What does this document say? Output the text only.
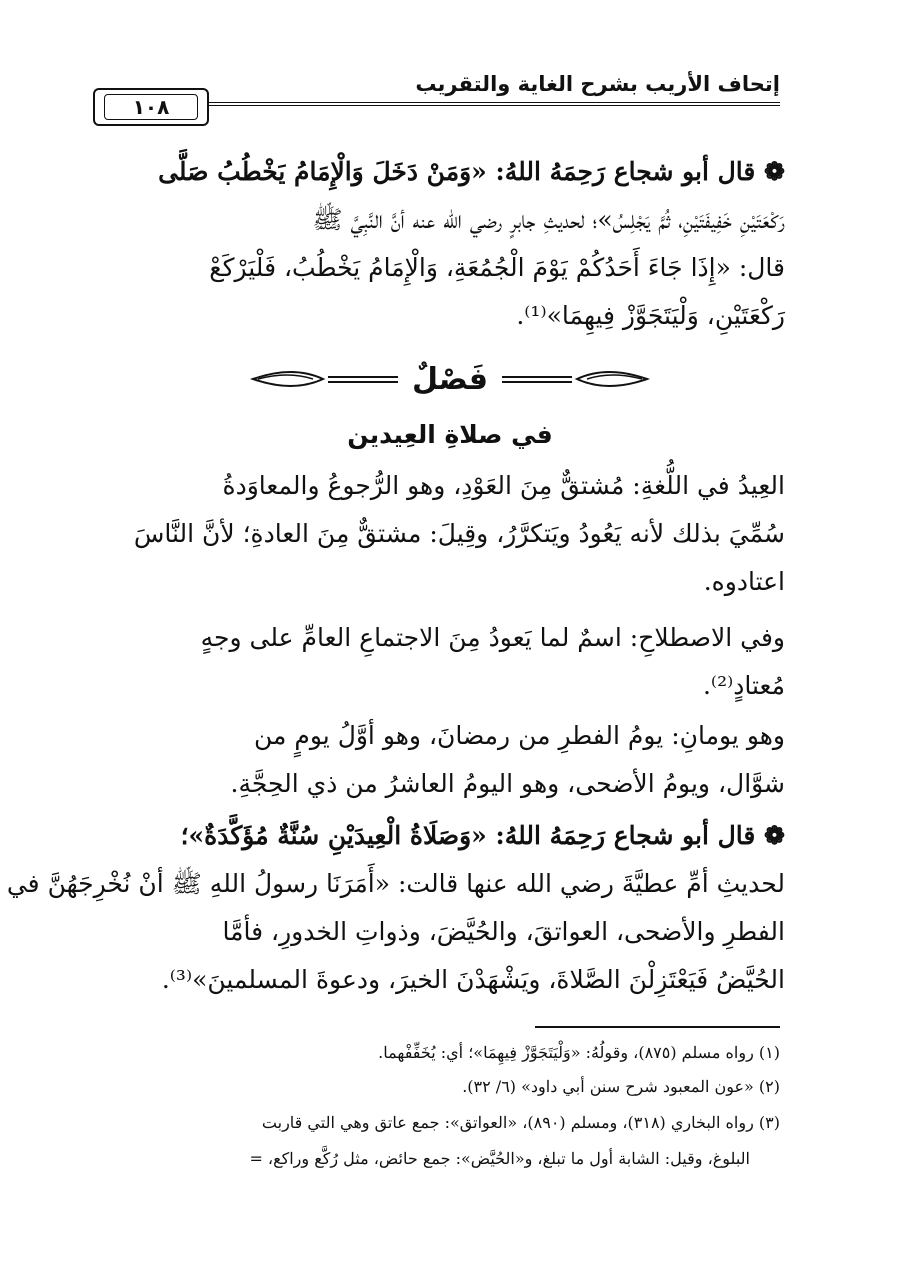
إتحاف الأريب بشرح الغاية والتقريب
١٠٨
❁ قال أبو شجاع رَحِمَهُ اللهُ: «وَمَنْ دَخَلَ وَالْإِمَامُ يَخْطُبُ صَلَّى
رَكْعَتَيْنِ خَفِيفَتَيْنِ، ثُمَّ يَجْلِسُ»؛ لحديثِ جابرٍ رضي الله عنه أنَّ النَّبِيَّ ﷺ
قال: «إِذَا جَاءَ أَحَدُكُمْ يَوْمَ الْجُمُعَةِ، وَالْإِمَامُ يَخْطُبُ، فَلْيَرْكَعْ
رَكْعَتَيْنِ، وَلْيَتَجَوَّزْ فِيهِمَا»⁽¹⁾.
فَصْلٌ
في صلاةِ العِيدين
العِيدُ في اللُّغةِ: مُشتقٌّ مِنَ العَوْدِ، وهو الرُّجوعُ والمعاوَدةُ
سُمِّيَ بذلك لأنه يَعُودُ ويَتكرَّرُ، وقِيلَ: مشتقٌّ مِنَ العادةِ؛ لأنَّ النَّاسَ
اعتادوه.
وفي الاصطلاحِ: اسمٌ لما يَعودُ مِنَ الاجتماعِ العامِّ على وجهٍ
مُعتادٍ⁽²⁾.
وهو يومانِ: يومُ الفطرِ من رمضانَ، وهو أوَّلُ يومٍ من
شوَّال، ويومُ الأضحى، وهو اليومُ العاشرُ من ذي الحِجَّةِ.
❁ قال أبو شجاع رَحِمَهُ اللهُ: «وَصَلَاةُ الْعِيدَيْنِ سُنَّةٌ مُؤَكَّدَةٌ»؛
لحديثِ أمِّ عطيَّةَ رضي الله عنها قالت: «أَمَرَنَا رسولُ اللهِ ﷺ أنْ نُخْرِجَهُنَّ في
الفطرِ والأضحى، العواتقَ، والحُيَّضَ، وذواتِ الخدورِ، فأمَّا
الحُيَّضُ فَيَعْتَزِلْنَ الصَّلاةَ، ويَشْهَدْنَ الخيرَ، ودعوةَ المسلمينَ»⁽³⁾.
(١) رواه مسلم (٨٧٥)، وقولُهُ: «وَلْيَتَجَوَّزْ فِيهِمَا»؛ أي: يُخَفِّفْهما.
(٢) «عون المعبود شرح سنن أبي داود» (٦/ ٣٢).
(٣) رواه البخاري (٣١٨)، ومسلم (٨٩٠)، «العواتق»: جمع عاتق وهي التي قاربت
البلوغ، وقيل: الشابة أول ما تبلغ، و«الحُيَّض»: جمع حائض، مثل رُكَّع وراكع، =
